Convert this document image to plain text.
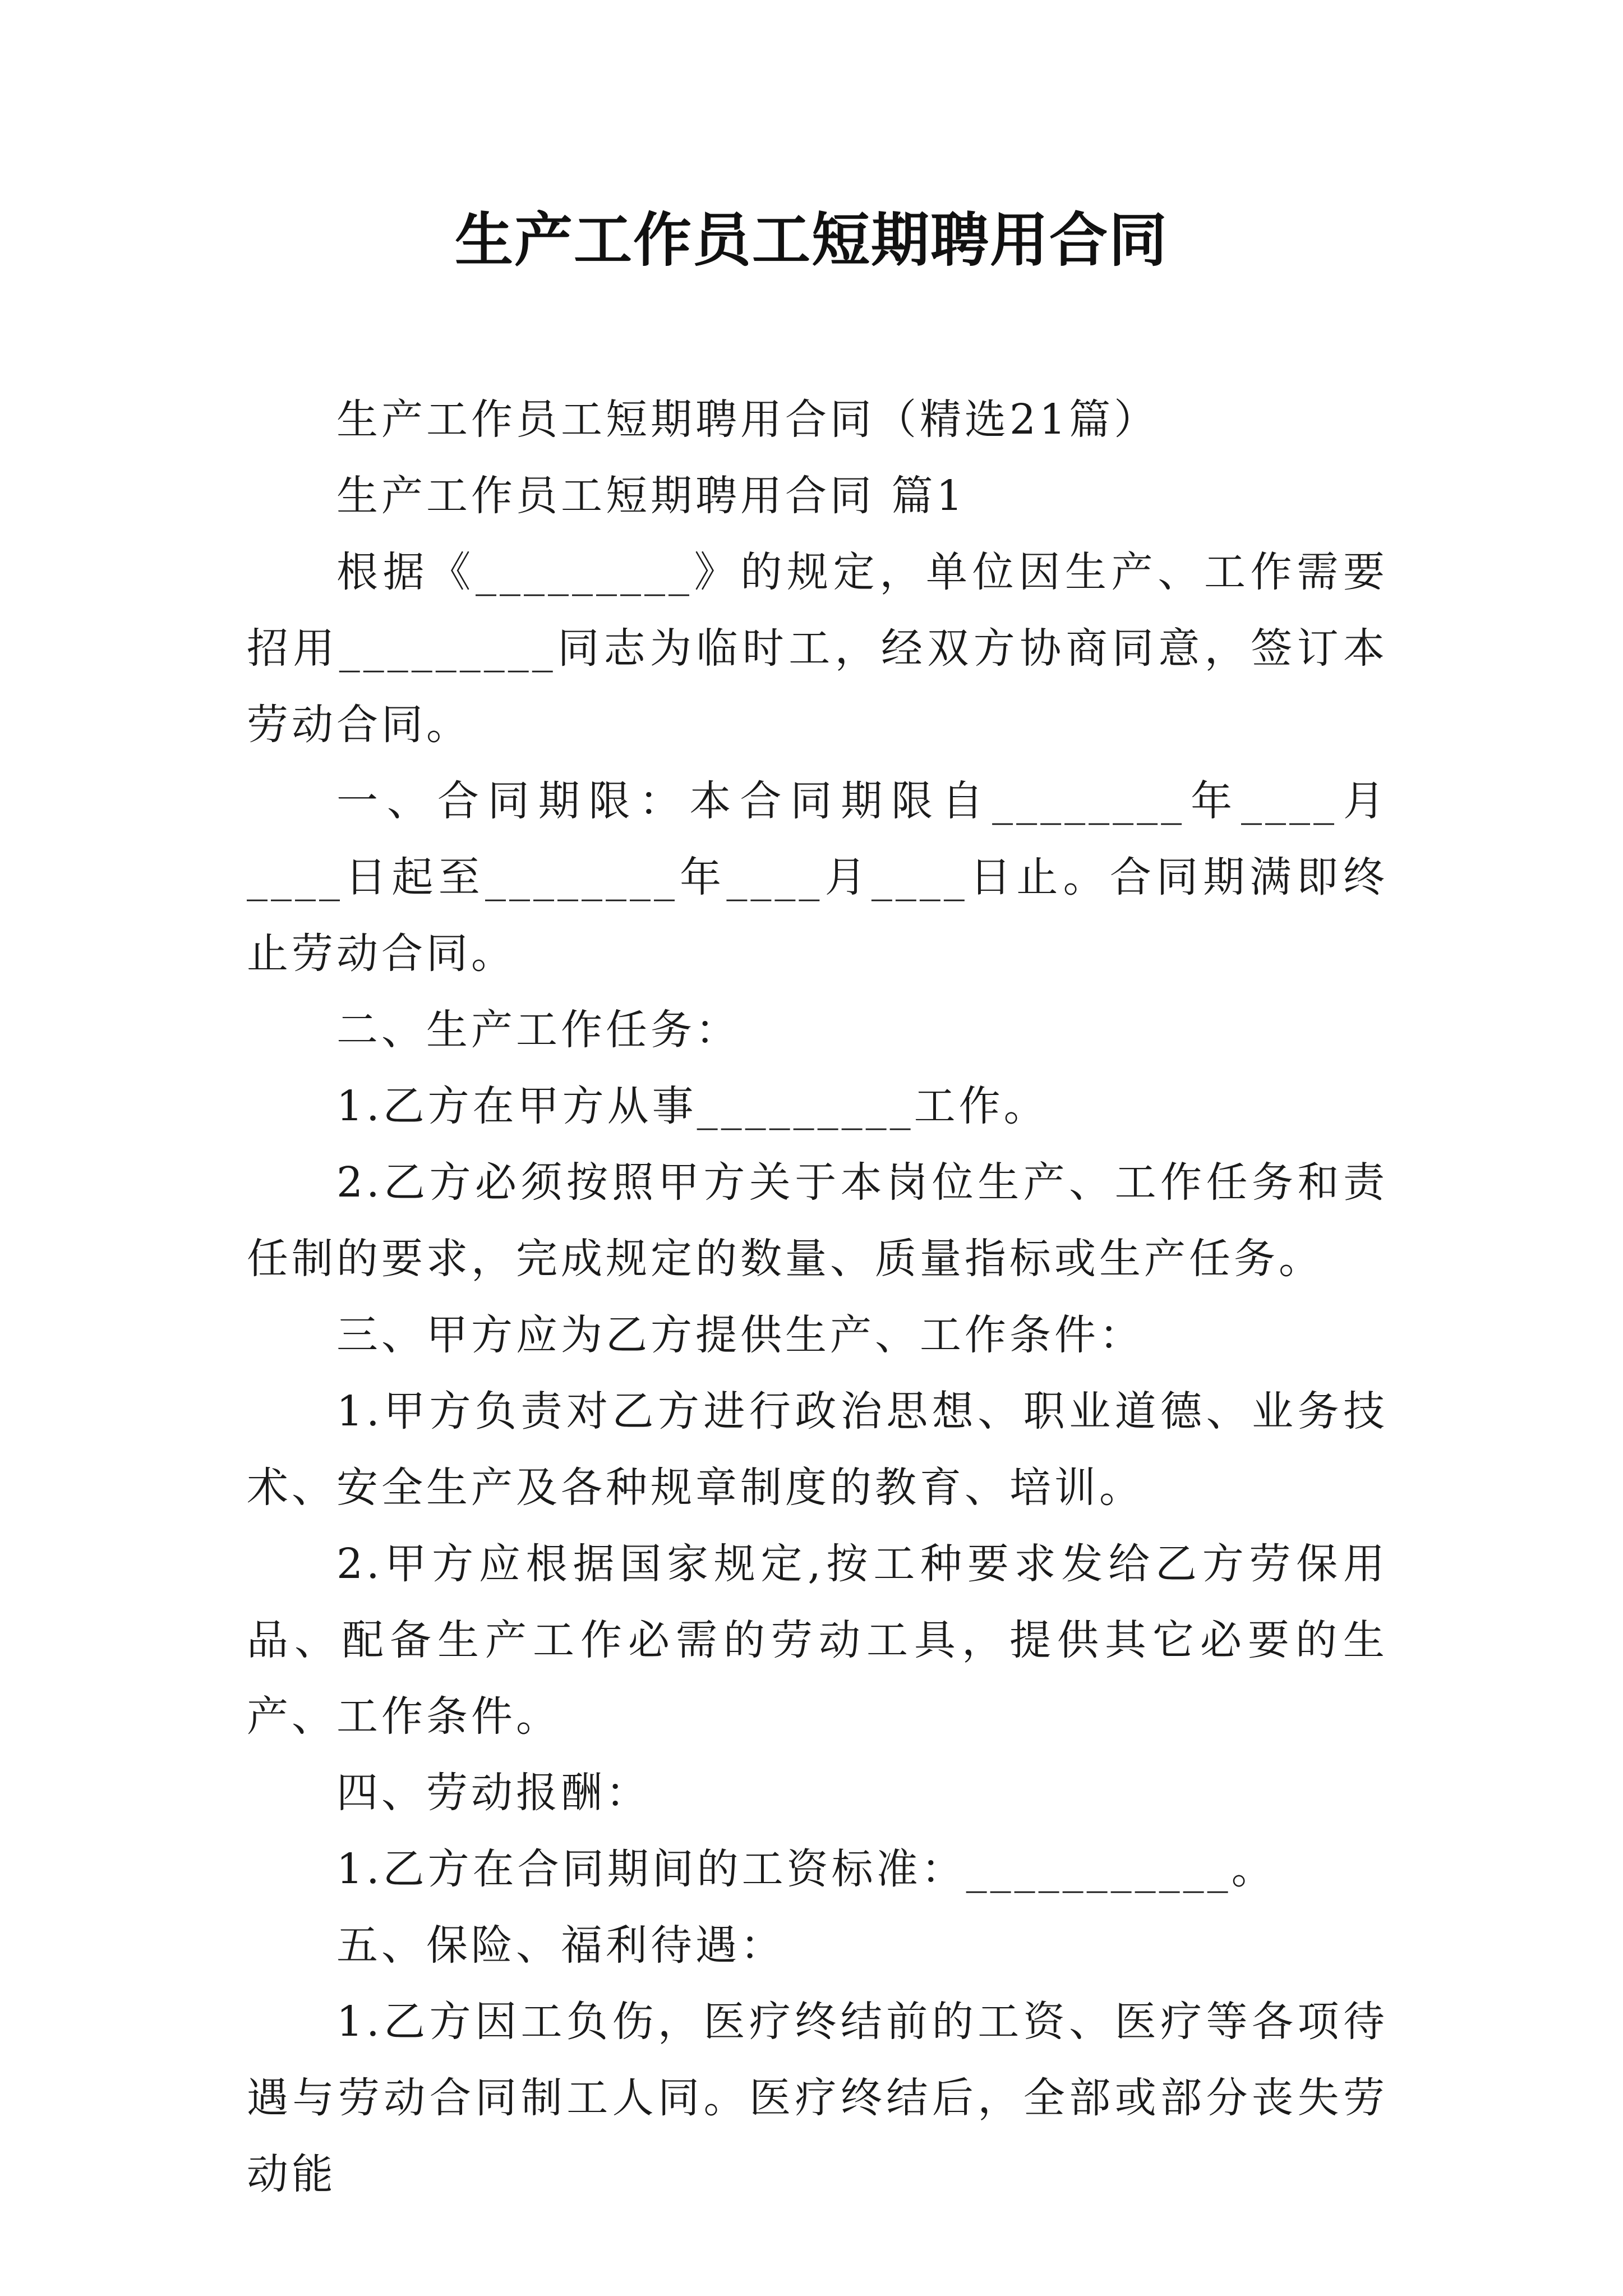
生产工作员工短期聘用合同

生产工作员工短期聘用合同（精选21篇）

生产工作员工短期聘用合同 篇1

根据《_________》的规定，单位因生产、工作需要招用_________同志为临时工，经双方协商同意，签订本劳动合同。

一、合同期限：本合同期限自________年____月____日起至________年____月____日止。合同期满即终止劳动合同。

二、生产工作任务：

1.乙方在甲方从事_________工作。

2.乙方必须按照甲方关于本岗位生产、工作任务和责任制的要求，完成规定的数量、质量指标或生产任务。

三、甲方应为乙方提供生产、工作条件：

1.甲方负责对乙方进行政治思想、职业道德、业务技术、安全生产及各种规章制度的教育、培训。

2.甲方应根据国家规定,按工种要求发给乙方劳保用品、配备生产工作必需的劳动工具，提供其它必要的生产、工作条件。

四、劳动报酬：

1.乙方在合同期间的工资标准：___________。

五、保险、福利待遇：

1.乙方因工负伤，医疗终结前的工资、医疗等各项待遇与劳动合同制工人同。医疗终结后，全部或部分丧失劳动能
